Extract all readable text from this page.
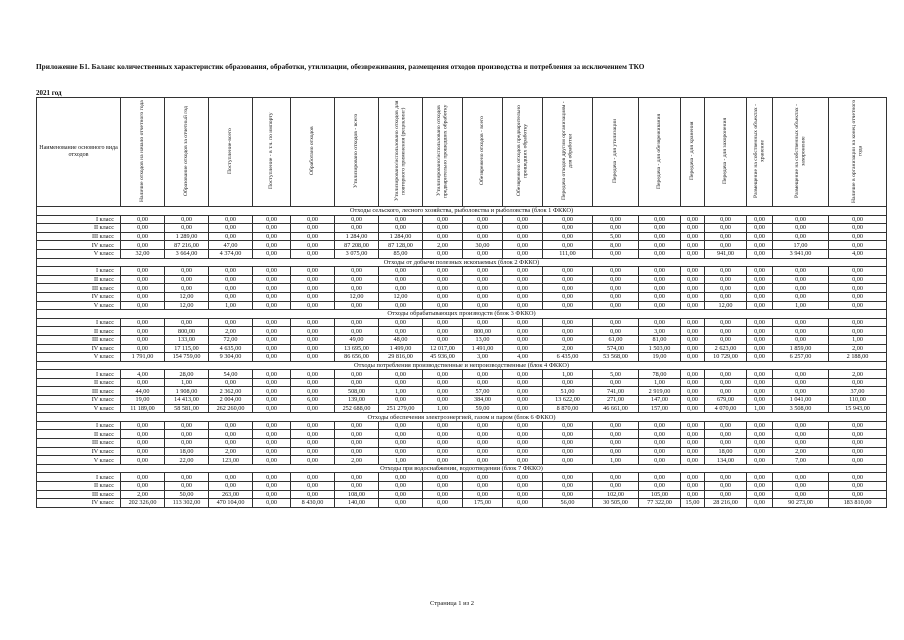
Приложение Б1. Баланс количественных характеристик образования, обработки, утилизации, обезвреживания, размещения отходов производства и потребления за исключением ТКО
2021 год
Наименование основного вида отходов	Наличие отходов на начало отчетного года	Образование отходов за отчетный год	Поступление-всего	Поступление - в т.ч. по импорту	Обработано отходов	Утилизировано отходов - всего	Утилизировано/использовано отходов для повторного применения (рециклинг)	Утилизировано/использовано отходов предварительно прошедших обработку	Обезврежено отходов - всего	Обезврежено отходов предварительно прошедших обработку	Передача отходов другим организациям - для обработки	Передача - для утилизации	Передача - для обезвреживания	Передача - для хранения	Передача - для захоронения	Размещение на собственных объектах - хранение	Размещение на собственных объектах - захоронение	Наличие в организации на конец отчетного года
Отходы сельского, лесного хозяйства, рыболовства и рыболовства (блок 1 ФККО)																		
I класс	0,00	0,00	0,00	0,00	0,00	0,00	0,00	0,00	0,00	0,00	0,00	0,00	0,00	0,00	0,00	0,00	0,00	0,00
II класс	0,00	0,00	0,00	0,00	0,00	0,00	0,00	0,00	0,00	0,00	0,00	0,00	0,00	0,00	0,00	0,00	0,00	0,00
III класс	0,00	1 289,00	0,00	0,00	0,00	1 284,00	1 284,00	0,00	0,00	0,00	0,00	5,00	0,00	0,00	0,00	0,00	0,00	0,00
IV класс	0,00	87 216,00	47,00	0,00	0,00	87 208,00	87 128,00	2,00	30,00	0,00	0,00	8,00	0,00	0,00	0,00	0,00	17,00	0,00
V класс	32,00	3 664,00	4 374,00	0,00	0,00	3 075,00	85,00	0,00	0,00	0,00	111,00	0,00	0,00	0,00	941,00	0,00	3 941,00	4,00
Отходы от добычи полезных ископаемых (блок 2 ФККО)																		
I класс	0,00	0,00	0,00	0,00	0,00	0,00	0,00	0,00	0,00	0,00	0,00	0,00	0,00	0,00	0,00	0,00	0,00	0,00
II класс	0,00	0,00	0,00	0,00	0,00	0,00	0,00	0,00	0,00	0,00	0,00	0,00	0,00	0,00	0,00	0,00	0,00	0,00
III класс	0,00	0,00	0,00	0,00	0,00	0,00	0,00	0,00	0,00	0,00	0,00	0,00	0,00	0,00	0,00	0,00	0,00	0,00
IV класс	0,00	12,00	0,00	0,00	0,00	12,00	12,00	0,00	0,00	0,00	0,00	0,00	0,00	0,00	0,00	0,00	0,00	0,00
V класс	0,00	12,00	1,00	0,00	0,00	0,00	0,00	0,00	0,00	0,00	0,00	0,00	0,00	0,00	12,00	0,00	1,00	0,00
Отходы обрабатывающих производств (блок 3 ФККО)																		
I класс	0,00	0,00	0,00	0,00	0,00	0,00	0,00	0,00	0,00	0,00	0,00	0,00	0,00	0,00	0,00	0,00	0,00	0,00
II класс	0,00	800,00	2,00	0,00	0,00	0,00	0,00	0,00	800,00	0,00	0,00	0,00	3,00	0,00	0,00	0,00	0,00	0,00
III класс	0,00	133,00	72,00	0,00	0,00	49,00	48,00	0,00	13,00	0,00	0,00	61,00	81,00	0,00	0,00	0,00	0,00	1,00
IV класс	0,00	17 115,00	4 635,00	0,00	0,00	13 695,00	1 499,00	12 017,00	1 491,00	0,00	2,00	574,00	1 503,00	0,00	2 623,00	0,00	1 859,00	2,00
V класс	1 791,00	154 759,00	9 304,00	0,00	0,00	86 656,00	29 816,00	45 936,00	3,00	4,00	6 435,00	53 568,00	19,00	0,00	10 729,00	0,00	6 257,00	2 188,00
Отходы потребления производственные и непроизводственные (блок 4 ФККО)																		
I класс	4,00	28,00	54,00	0,00	0,00	0,00	0,00	0,00	0,00	0,00	1,00	5,00	78,00	0,00	0,00	0,00	0,00	2,00
II класс	0,00	1,00	0,00	0,00	0,00	0,00	0,00	0,00	0,00	0,00	0,00	0,00	1,00	0,00	0,00	0,00	0,00	0,00
III класс	44,00	1 908,00	2 362,00	0,00	0,00	508,00	1,00	0,00	57,00	0,00	51,00	741,00	2 919,00	0,00	0,00	0,00	0,00	37,00
IV класс	19,00	14 413,00	2 004,00	0,00	6,00	139,00	0,00	0,00	384,00	0,00	13 622,00	271,00	147,00	0,00	679,00	0,00	1 041,00	110,00
V класс	11 189,00	58 581,00	262 260,00	0,00	0,00	252 688,00	251 279,00	1,00	59,00	0,00	8 870,00	46 661,00	157,00	0,00	4 070,00	1,00	3 508,00	15 943,00
Отходы обеспечения электроэнергией, газом и паром (блок 6 ФККО)																		
I класс	0,00	0,00	0,00	0,00	0,00	0,00	0,00	0,00	0,00	0,00	0,00	0,00	0,00	0,00	0,00	0,00	0,00	0,00
II класс	0,00	0,00	0,00	0,00	0,00	0,00	0,00	0,00	0,00	0,00	0,00	0,00	0,00	0,00	0,00	0,00	0,00	0,00
III класс	0,00	0,00	0,00	0,00	0,00	0,00	0,00	0,00	0,00	0,00	0,00	0,00	0,00	0,00	0,00	0,00	0,00	0,00
IV класс	0,00	18,00	2,00	0,00	0,00	0,00	0,00	0,00	0,00	0,00	0,00	0,00	0,00	0,00	18,00	0,00	2,00	0,00
V класс	0,00	22,00	123,00	0,00	0,00	2,00	1,00	0,00	0,00	0,00	0,00	1,00	0,00	0,00	134,00	0,00	7,00	0,00
Отходы при водоснабжении, водоотведении (блок 7 ФККО)																		
I класс	0,00	0,00	0,00	0,00	0,00	0,00	0,00	0,00	0,00	0,00	0,00	0,00	0,00	0,00	0,00	0,00	0,00	0,00
II класс	0,00	0,00	0,00	0,00	0,00	0,00	0,00	0,00	0,00	0,00	0,00	0,00	0,00	0,00	0,00	0,00	0,00	0,00
III класс	2,00	50,00	263,00	0,00	0,00	108,00	0,00	0,00	0,00	0,00	0,00	102,00	105,00	0,00	0,00	0,00	0,00	0,00
IV класс	202 326,00	113 302,00	470 104,00	0,00	8 430,00	140,00	0,00	0,00	175,00	0,00	56,00	30 505,00	77 322,00	15,00	28 216,00	0,00	90 273,00	183 810,00
Страница 1 из 2
